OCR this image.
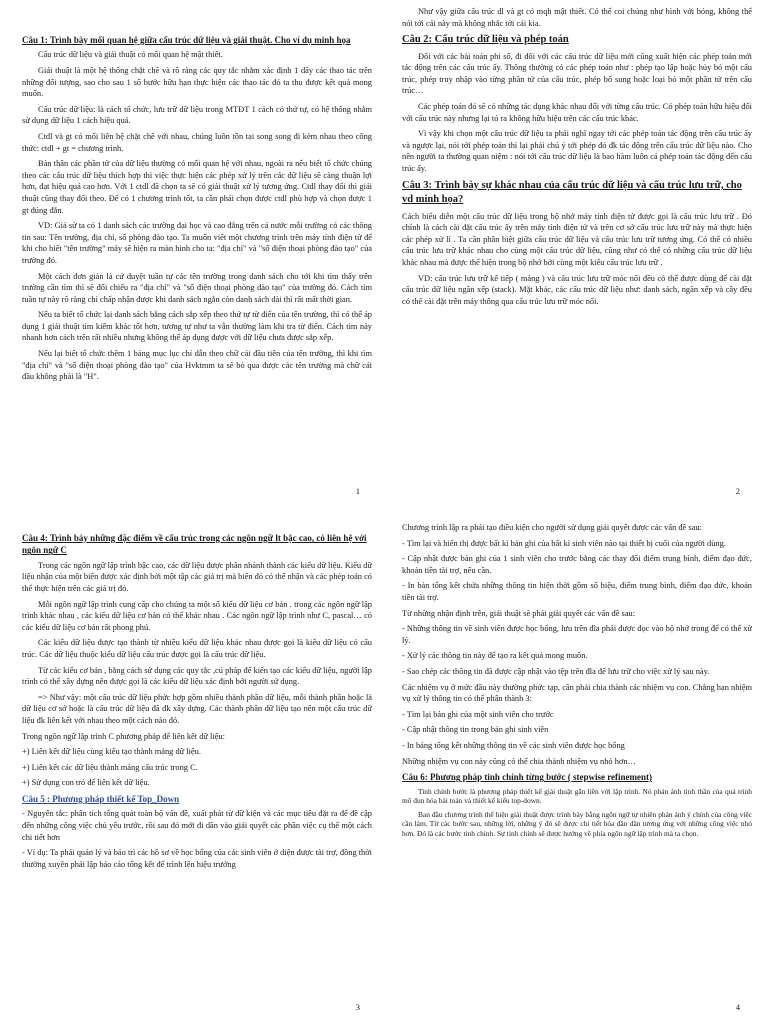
Câu 1: Trình bày mối quan hệ giữa cấu trúc dữ liệu và giải thuật. Cho ví dụ minh họa

Cấu trúc dữ liệu và giải thuật có mối quan hệ mật thiết.

Giải thuật là một hệ thống chặt chẽ và rõ ràng các quy tắc nhằm xác định 1 dãy các thao tác trên những đối tượng, sao cho sau 1 số bước hữu hạn thực hiện các thao tác đó ta thu được kết quả mong muốn.

Cấu trúc dữ liệu: là cách tổ chức, lưu trữ dữ liệu trong MTĐT 1 cách có thứ tự, có hệ thống nhằm sử dụng dữ liệu 1 cách hiệu quả.

Ctdl và gt có mối liên hệ chặt chẽ với nhau, chúng luôn tồn tại song song đi kèm nhau theo công thức: ctdl + gt = chương trình.

Bản thân các phần tử của dữ liệu thường có mối quan hệ với nhau, ngoài ra nếu biết tổ chức chúng theo các cấu trúc dữ liệu thích hợp thì việc thực hiện các phép xử lý trên các dữ liệu sẽ càng thuận lợi hơn, đạt hiệu quả cao hơn. Với 1 ctdl đã chọn ta sẽ có giải thuật xử lý tương ứng. Ctdl thay đổi thì giải thuật cũng thay đổi theo. Để có 1 chương trình tốt, ta cần phải chọn được ctdl phù hợp và chọn được 1 gt đúng đắn.

VD: Giả sử ta có 1 danh sách các trường đại học và cao đẳng trên cả nước mỗi trường có các thông tin sau: Tên trường, địa chỉ, số phòng đào tạo. Ta muốn viết một chương trình trên máy tính điện tử để khi cho biết "tên trường" máy sẽ hiện ra màn hình cho ta: "địa chỉ" và "số điện thoại phòng đào tạo" của trường đó.

Một cách đơn giản là cứ duyệt tuần tự các tên trường trong danh sách cho tới khi tìm thấy trên trường cần tìm thì sẽ đối chiếu ra "địa chỉ" và "số điện thoại phòng đào tạo" của trường đó. Cách tìm tuần tự này rõ ràng chỉ chấp nhận được khi danh sách ngắn còn danh sách dài thì rất mất thời gian.

Nếu ta biết tổ chức lại danh sách bằng cách sắp xếp theo thứ tự từ điển của tên trường, thì có thể áp dụng 1 giải thuật tìm kiếm khác tốt hơn, tương tự như ta vẫn thường làm khi tra từ điển. Cách tìm này nhanh hơn cách trên rất nhiều nhưng không thể áp dụng được với dữ liệu chưa được sắp xếp.

Nếu lại biết tổ chức thêm 1 bảng mục lục chỉ dẫn theo chữ cái đầu tiên của tên trường, thì khi tìm "địa chỉ" và "số điện thoại phòng đào tạo" của Hvktmm ta sẽ bỏ qua được các tên trường mà chữ cái đầu không phải là "H".

1

Như vậy giữa cấu trúc dl và gt có mqh mật thiết. Có thể coi chúng như hình với bóng, không thể nói tới cái này mà không nhắc tới cái kia.

Câu 2: Cấu trúc dữ liệu và phép toán

Đối với các bài toán phi số, đi đôi với các cấu trúc dữ liệu mới cũng xuất hiện các phép toán mới tác động trên các cấu trúc ấy. Thông thường có các phép toán như : phép tạo lập hoặc hủy bỏ một cấu trúc, phép truy nhập vào từng phần tử của cấu trúc, phép bổ sung hoặc loại bỏ một phần tử trên cấu trúc…

Các phép toán đó sẽ có những tác dụng khác nhau đối với từng cấu trúc. Có phép toán hữu hiệu đối với cấu trúc này nhưng lại tỏ ra không hữu hiệu trên các cấu trúc khác.

Vì vậy khi chọn một cấu trúc dữ liệu ta phải nghĩ ngay tới các phép toán tác động trên cấu trúc ấy và ngược lại, nói tới phép toán thì lại phải chú ý tới phép đó đk tác động trên cấu trúc dữ liệu nào. Cho nên người ta thường quan niệm : nói tới cấu trúc dữ liệu là bao hàm luôn cả phép toán tác động đến cấu trúc ấy.

Câu 3: Trình bày sự khác nhau của cấu trúc dữ liệu và cấu trúc lưu trữ, cho vd minh họa?

Cách biểu diễn một cấu trúc dữ liệu trong bộ nhớ máy tính điện tử được gọi là cấu trúc lưu trữ . Đó chính là cách cài đặt cấu trúc ấy trên máy tính điện tử và trên cơ sở cấu trúc lưu trữ này mà thực hiện các phép xử lí . Ta cần phân biệt giữa cấu trúc dữ liệu và cấu trúc lưu trữ tương ứng. Có thể có nhiều cấu trúc lưu trữ khác nhau cho cùng một cấu trúc dữ liệu, cũng như có thể có những cấu trúc dữ liệu khác nhau mà được thể hiện trong bộ nhớ bởi cùng một kiểu cấu trúc lưu trữ .

VD: cấu trúc lưu trữ kế tiếp ( mảng ) và cấu trúc lưu trữ móc nối đều có thể được dùng để cài đặt cấu trúc dữ liệu ngăn xếp (stack). Mặt khác, các cấu trúc dữ liệu như: danh sách, ngăn xếp và cây đều có thể cài đặt trên máy thông qua cấu trúc lưu trữ móc nối.

2
Câu 4: Trình bày những đặc điểm về cấu trúc trong các ngôn ngữ lt bậc cao, có liên hệ với ngôn ngữ C

Trong các ngôn ngữ lập trình bậc cao, các dữ liệu được phân nhánh thành các kiểu dữ liệu. Kiểu dữ liệu nhận của một biến được xác định bởi một tập các giá trị mà biến đó có thể nhận và các phép toán có thể thực hiện trên các giá trị đó.

Mỗi ngôn ngữ lập trình cung cấp cho chúng ta một số kiểu dữ liệu cơ bản . trong các ngôn ngữ lập trình khác nhau , các kiểu dữ liệu cơ bản có thể khác nhau . Các ngôn ngữ lập trình như C, pascal… có các kiểu dữ liệu cơ bản rất phong phú.

Các kiểu dữ liệu được tạo thành từ nhiều kiểu dữ liệu khác nhau được gọi là kiểu dữ liệu có cấu trúc. Các dữ liệu thuộc kiểu dữ liệu cấu trúc được gọi là cấu trúc dữ liệu.

Từ các kiểu cơ bản , bằng cách sử dụng các quy tắc ,cú pháp để kiến tạo các kiểu dữ liệu, người lập trình có thể xây dựng nên được gọi là các kiểu dữ liệu xác định bởi người sử dụng.

=> Như vậy: một cấu trúc dữ liệu phức hợp gồm nhiều thành phần dữ liệu, mỗi thành phần hoặc là dữ liệu cơ sở hoặc là cấu trúc dữ liệu đã đk xây dựng. Các thành phần dữ liệu tạo nên một cấu trúc dữ liệu đk liên kết với nhau theo một cách nào đó.

Trong ngôn ngữ lập trình C phương pháp để liên kết dữ liệu:

+) Liên kết dữ liệu cùng kiểu tạo thành mảng dữ liệu.

+) Liên kết các dữ liệu thành mảng cấu trúc trong C.

+) Sử dụng con trỏ để liên kết dữ liệu.

Câu 5 : Phương pháp thiết kế Top_Down

- Nguyên tắc: phân tích tổng quát toàn bộ vấn đề, xuất phát từ dữ kiện và các mục tiêu đặt ra để đề cập đến những công việc chủ yếu trước, rồi sau đó mới đi dần vào giải quyết các phần việc cụ thể một cách chi tiết hơn

- Ví dụ: Ta phải quản lý và bảo trì các hồ sơ về học bổng của các sinh viên ở diện được tài trợ, đồng thời thường xuyên phải lập báo cáo tổng kết để trình lên hiệu trưởng

3

Chương trình lập ra phải tạo điều kiện cho người sử dụng giải quyết được các vấn đề sau:

- Tìm lại và hiển thị được bất kì bản ghi của bất kì sinh viên nào tại thiết bị cuối của người dùng.

- Cập nhật được bản ghi của 1 sinh viên cho trước bằng các thay đổi điểm trung bình, điểm đạo đức, khoản tiền tài trợ, nếu cần.

- In bản tổng kết chứa những thông tin hiện thời gồm số hiệu, điểm trung bình, điểm đạo đức, khoản tiền tài trợ.

Từ những nhận định trên, giải thuật sẽ phải giải quyết các vấn đề sau:

- Những thông tin về sinh viên được học bổng, lưu trên đĩa phải được đọc vào bộ nhớ trong để có thể xử lý.

- Xử lý các thông tin này để tạo ra kết quả mong muốn.

- Sao chép các thông tin đã được cập nhật vào tệp trên đĩa để lưu trữ cho việc xử lý sau này.

Các nhiệm vụ ở mức đầu này thường phức tạp, cần phải chia thành các nhiệm vụ con. Chẳng hạn nhiệm vụ xử lý thông tin có thể phân thành 3:

- Tìm lại bản ghi của một sinh viên cho trước

- Cập nhật thông tin trong bản ghi sinh viên

- In bảng tổng kết những thông tin về các sinh viên được học bổng

Những nhiệm vụ con này cũng có thể chia thành nhiệm vụ nhỏ hơn…

Câu 6: Phương pháp tinh chỉnh từng bước ( stepwise refinement)

Tinh chỉnh bước là phương pháp thiết kế giải thuật gắn liền với lập trình. Nó phản ánh tinh thần của quá trình mô đun hóa bài toán và thiết kế kiểu top-down.

Ban đầu chương trình thể hiện giải thuật được trình bày bằng ngôn ngữ tự nhiên phản ánh ý chính của công việc cần làm. Từ các bước sau, những lời, những ý đó sẽ được chi tiết hóa dần dần tương ứng với những công việc nhỏ hơn. Đó là các bước tinh chỉnh. Sự tinh chỉnh sẽ được hướng về phía ngôn ngữ lập trình mà ta chọn.

4
